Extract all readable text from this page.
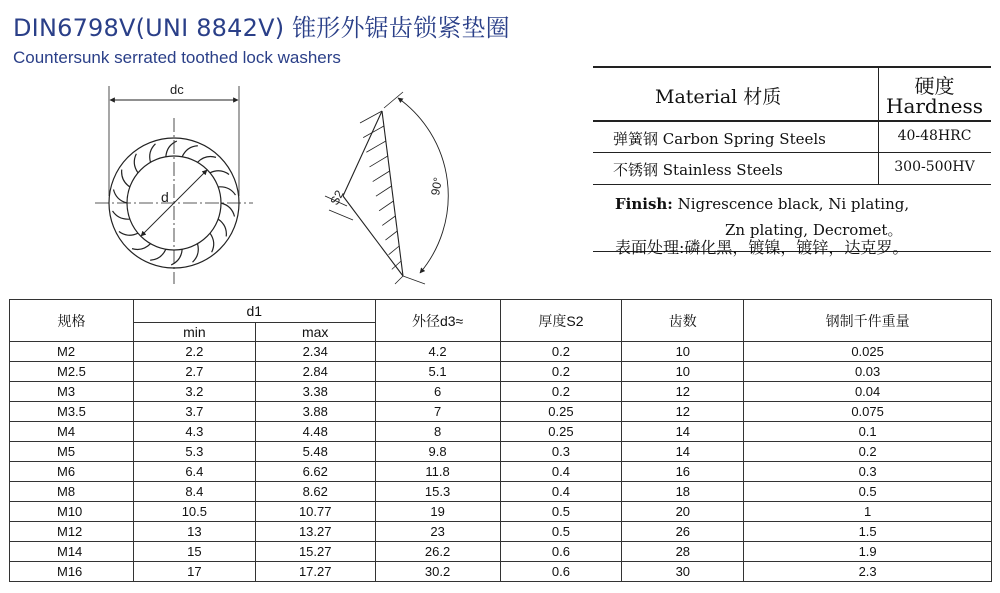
DIN6798V(UNI 8842V) 锥形外锯齿锁紧垫圈
Countersunk serrated toothed lock washers
dc
d	S2
90°
Material 材质	硬度
Hardness
弹簧钢 Carbon Spring Steels	40-48HRC
不锈钢 Stainless Steels	300-500HV
Finish: Nigrescence black, Ni plating,
Zn plating, Decromet。
表面处理:磷化黑，镀镍，镀锌，达克罗。
规格	d1		外径d3≈	厚度S2	齿数	钢制千件重量
	min	max				
M2	2.2	2.34	4.2	0.2	10	0.025
M2.5	2.7	2.84	5.1	0.2	10	0.03
M3	3.2	3.38	6	0.2	12	0.04
M3.5	3.7	3.88	7	0.25	12	0.075
M4	4.3	4.48	8	0.25	14	0.1
M5	5.3	5.48	9.8	0.3	14	0.2
M6	6.4	6.62	11.8	0.4	16	0.3
M8	8.4	8.62	15.3	0.4	18	0.5
M10	10.5	10.77	19	0.5	20	1
M12	13	13.27	23	0.5	26	1.5
M14	15	15.27	26.2	0.6	28	1.9
M16	17	17.27	30.2	0.6	30	2.3
